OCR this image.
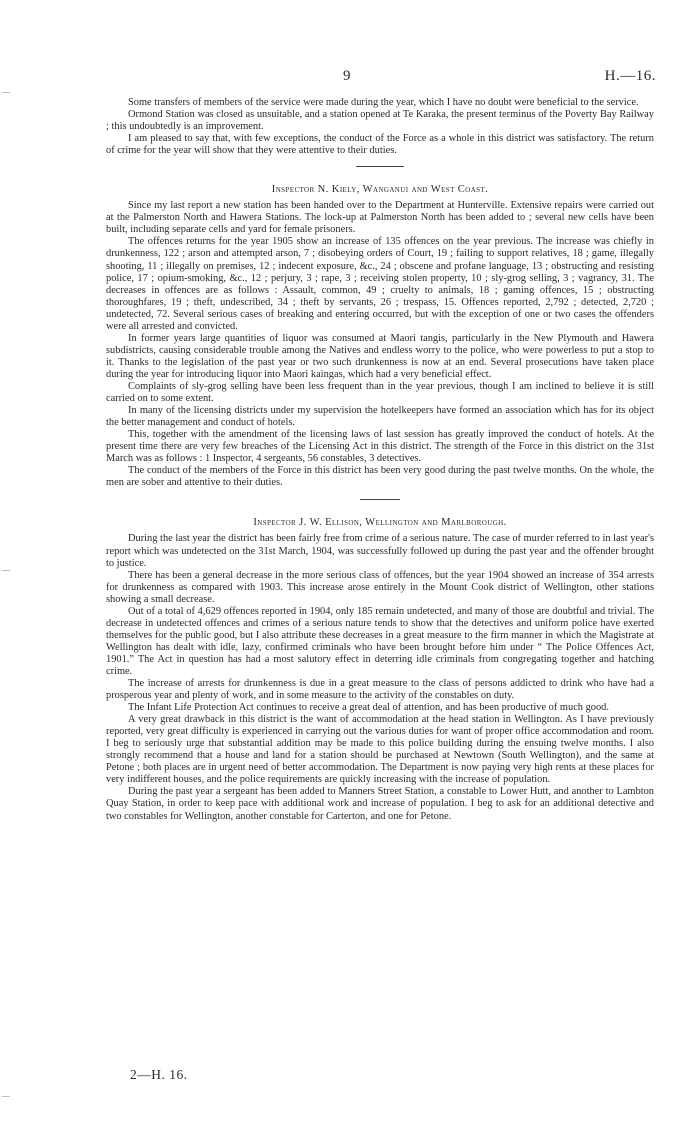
9	H.—16.

Some transfers of members of the service were made during the year, which I have no doubt were beneficial to the service.

Ormond Station was closed as unsuitable, and a station opened at Te Karaka, the present terminus of the Poverty Bay Railway ; this undoubtedly is an improvement.

I am pleased to say that, with few exceptions, the conduct of the Force as a whole in this district was satisfactory. The return of crime for the year will show that they were attentive to their duties.

Inspector N. Kiely, Wanganui and West Coast.

Since my last report a new station has been handed over to the Department at Hunterville. Extensive repairs were carried out at the Palmerston North and Hawera Stations. The lock-up at Palmerston North has been added to ; several new cells have been built, including separate cells and yard for female prisoners.

The offences returns for the year 1905 show an increase of 135 offences on the year previous. The increase was chiefly in drunkenness, 122 ; arson and attempted arson, 7 ; disobeying orders of Court, 19 ; failing to support relatives, 18 ; game, illegally shooting, 11 ; illegally on premises, 12 ; indecent exposure, &c., 24 ; obscene and profane language, 13 ; obstructing and resisting police, 17 ; opium-smoking, &c., 12 ; perjury, 3 ; rape, 3 ; receiving stolen property, 10 ; sly-grog selling, 3 ; vagrancy, 31. The decreases in offences are as follows : Assault, common, 49 ; cruelty to animals, 18 ; gaming offences, 15 ; obstructing thoroughfares, 19 ; theft, undescribed, 34 ; theft by servants, 26 ; trespass, 15. Offences reported, 2,792 ; detected, 2,720 ; undetected, 72. Several serious cases of breaking and entering occurred, but with the exception of one or two cases the offenders were all arrested and convicted.

In former years large quantities of liquor was consumed at Maori tangis, particularly in the New Plymouth and Hawera subdistricts, causing considerable trouble among the Natives and endless worry to the police, who were powerless to put a stop to it. Thanks to the legislation of the past year or two such drunkenness is now at an end. Several prosecutions have taken place during the year for introducing liquor into Maori kaingas, which had a very beneficial effect.

Complaints of sly-grog selling have been less frequent than in the year previous, though I am inclined to believe it is still carried on to some extent.

In many of the licensing districts under my supervision the hotelkeepers have formed an association which has for its object the better management and conduct of hotels.

This, together with the amendment of the licensing laws of last session has greatly improved the conduct of hotels. At the present time there are very few breaches of the Licensing Act in this district. The strength of the Force in this district on the 31st March was as follows : 1 Inspector, 4 sergeants, 56 constables, 3 detectives.

The conduct of the members of the Force in this district has been very good during the past twelve months. On the whole, the men are sober and attentive to their duties.

Inspector J. W. Ellison, Wellington and Marlborough.

During the last year the district has been fairly free from crime of a serious nature. The case of murder referred to in last year's report which was undetected on the 31st March, 1904, was successfully followed up during the past year and the offender brought to justice.

There has been a general decrease in the more serious class of offences, but the year 1904 showed an increase of 354 arrests for drunkenness as compared with 1903. This increase arose entirely in the Mount Cook district of Wellington, other stations showing a small decrease.

Out of a total of 4,629 offences reported in 1904, only 185 remain undetected, and many of those are doubtful and trivial. The decrease in undetected offences and crimes of a serious nature tends to show that the detectives and uniform police have exerted themselves for the public good, but I also attribute these decreases in a great measure to the firm manner in which the Magistrate at Wellington has dealt with idle, lazy, confirmed criminals who have been brought before him under “ The Police Offences Act, 1901.” The Act in question has had a most salutory effect in deterring idle criminals from congregating together and hatching crime.

The increase of arrests for drunkenness is due in a great measure to the class of persons addicted to drink who have had a prosperous year and plenty of work, and in some measure to the activity of the constables on duty.

The Infant Life Protection Act continues to receive a great deal of attention, and has been productive of much good.

A very great drawback in this district is the want of accommodation at the head station in Wellington. As I have previously reported, very great difficulty is experienced in carrying out the various duties for want of proper office accommodation and room. I beg to seriously urge that substantial addition may be made to this police building during the ensuing twelve months. I also strongly recommend that a house and land for a station should be purchased at Newtown (South Wellington), and the same at Petone ; both places are in urgent need of better accommodation. The Department is now paying very high rents at these places for very indifferent houses, and the police requirements are quickly increasing with the increase of population.

During the past year a sergeant has been added to Manners Street Station, a constable to Lower Hutt, and another to Lambton Quay Station, in order to keep pace with additional work and increase of population. I beg to ask for an additional detective and two constables for Wellington, another constable for Carterton, and one for Petone.

2—H. 16.
